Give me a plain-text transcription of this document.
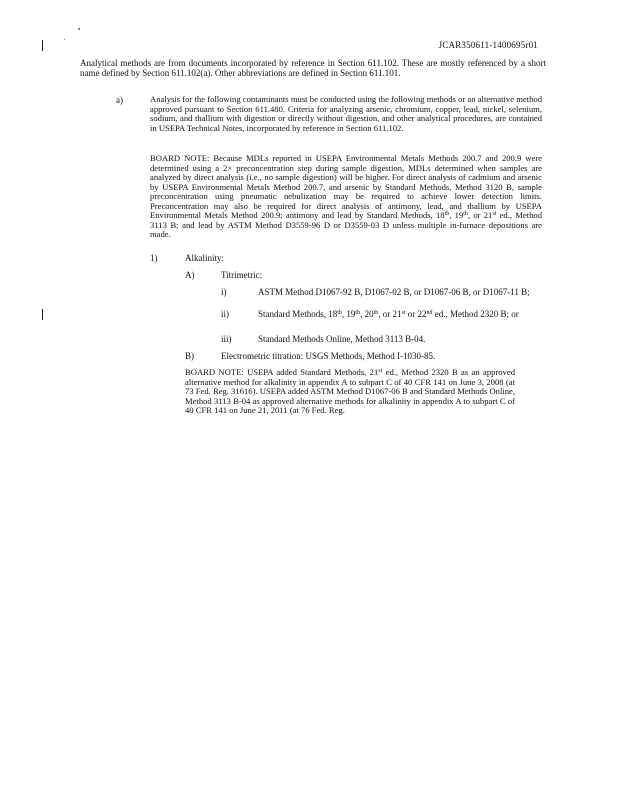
JCAR350611-1400695r01
Analytical methods are from documents incorporated by reference in Section 611.102. These are mostly referenced by a short name defined by Section 611.102(a). Other abbreviations are defined in Section 611.101.
a)	Analysis for the following contaminants must be conducted using the following methods or an alternative method approved pursuant to Section 611.480. Criteria for analyzing arsenic, chromium, copper, lead, nickel, selenium, sodium, and thallium with digestion or directly without digestion, and other analytical procedures, are contained in USEPA Technical Notes, incorporated by reference in Section 611.102.
BOARD NOTE: Because MDLs reported in USEPA Environmental Metals Methods 200.7 and 200.9 were determined using a 2× preconcentration step during sample digestion, MDLs determined when samples are analyzed by direct analysis (i.e., no sample digestion) will be higher. For direct analysis of cadmium and arsenic by USEPA Environmental Metals Method 200.7, and arsenic by Standard Methods, Method 3120 B, sample preconcentration using pneumatic nebulization may be required to achieve lower detection limits. Preconcentration may also be required for direct analysis of antimony, lead, and thallium by USEPA Environmental Metals Method 200.9; antimony and lead by Standard Methods, 18th, 19th, or 21st ed., Method 3113 B; and lead by ASTM Method D3559-96 D or D3559-03 D unless multiple in-furnace depositions are made.
1)	Alkalinity:
A)	Titrimetric:
i)	ASTM Method D1067-92 B, D1067-02 B, or D1067-06 B, or D1067-11 B;
ii)	Standard Methods, 18th, 19th, 20th, or 21st or 22nd ed., Method 2320 B; or
iii)	Standard Methods Online, Method 3113 B-04.
B)	Electrometric titration: USGS Methods, Method I-1030-85.
BOARD NOTE: USEPA added Standard Methods, 21st ed., Method 2320 B as an approved alternative method for alkalinity in appendix A to subpart C of 40 CFR 141 on June 3, 2008 (at 73 Fed. Reg. 31616). USEPA added ASTM Method D1067-06 B and Standard Methods Online, Method 3113 B-04 as approved alternative methods for alkalinity in appendix A to subpart C of 40 CFR 141 on June 21, 2011 (at 76 Fed. Reg.
